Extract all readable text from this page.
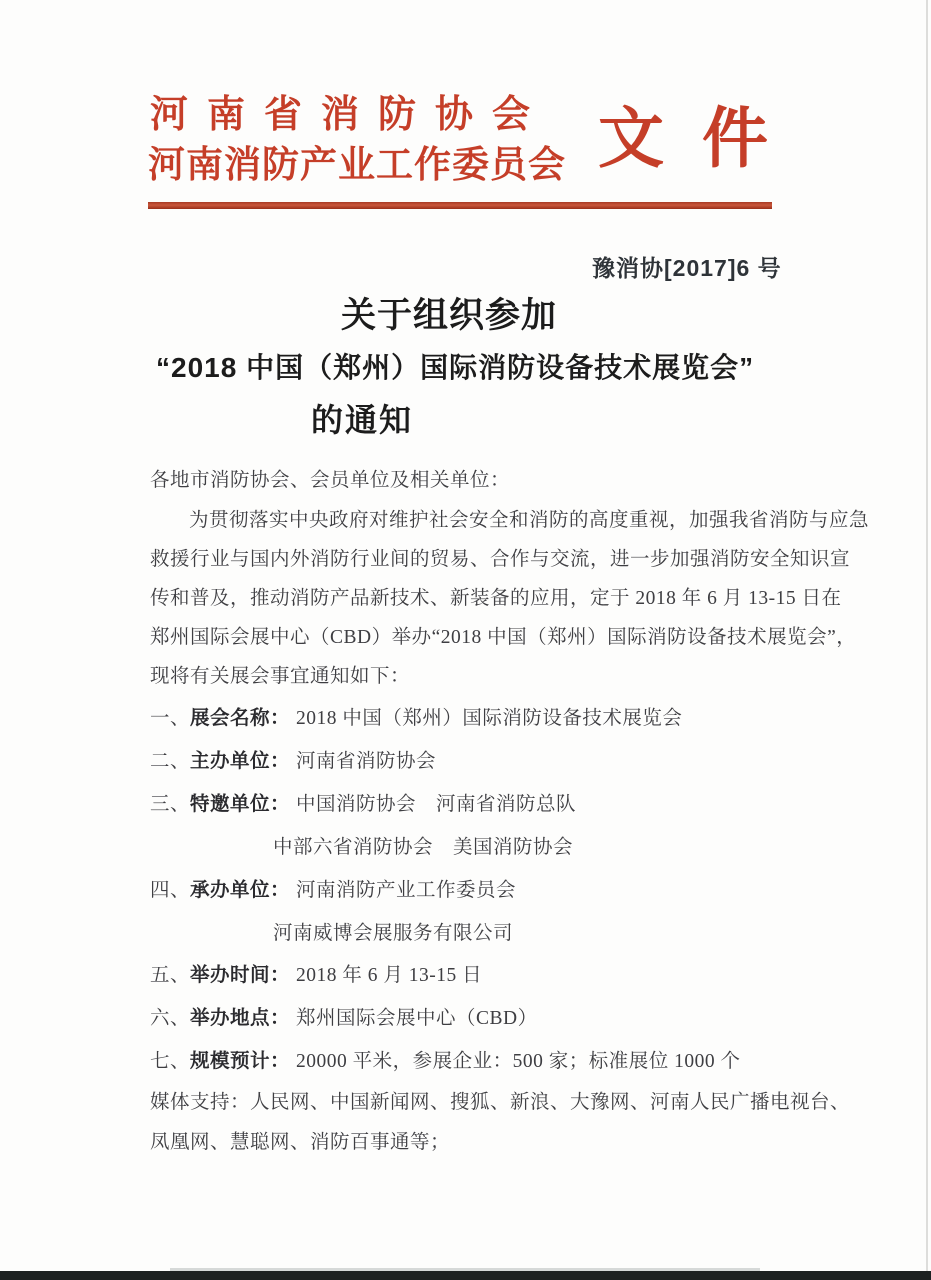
河南省消防协会
河南消防产业工作委员会 文件
豫消协[2017]6 号
关于组织参加
“2018 中国（郑州）国际消防设备技术展览会”
的通知
各地市消防协会、会员单位及相关单位：
为贯彻落实中央政府对维护社会安全和消防的高度重视，加强我省消防与应急
救援行业与国内外消防行业间的贸易、合作与交流，进一步加强消防安全知识宣
传和普及，推动消防产品新技术、新装备的应用，定于 2018 年 6 月 13-15 日在
郑州国际会展中心（CBD）举办“2018 中国（郑州）国际消防设备技术展览会”，
现将有关展会事宜通知如下：
一、展会名称： 2018 中国（郑州）国际消防设备技术展览会
二、主办单位： 河南省消防协会
三、特邀单位： 中国消防协会　河南省消防总队
中部六省消防协会　美国消防协会
四、承办单位： 河南消防产业工作委员会
河南威博会展服务有限公司
五、举办时间： 2018 年 6 月 13-15 日
六、举办地点： 郑州国际会展中心（CBD）
七、规模预计： 20000 平米，参展企业：500 家；标准展位 1000 个
媒体支持：人民网、中国新闻网、搜狐、新浪、大豫网、河南人民广播电视台、
凤凰网、慧聪网、消防百事通等；
